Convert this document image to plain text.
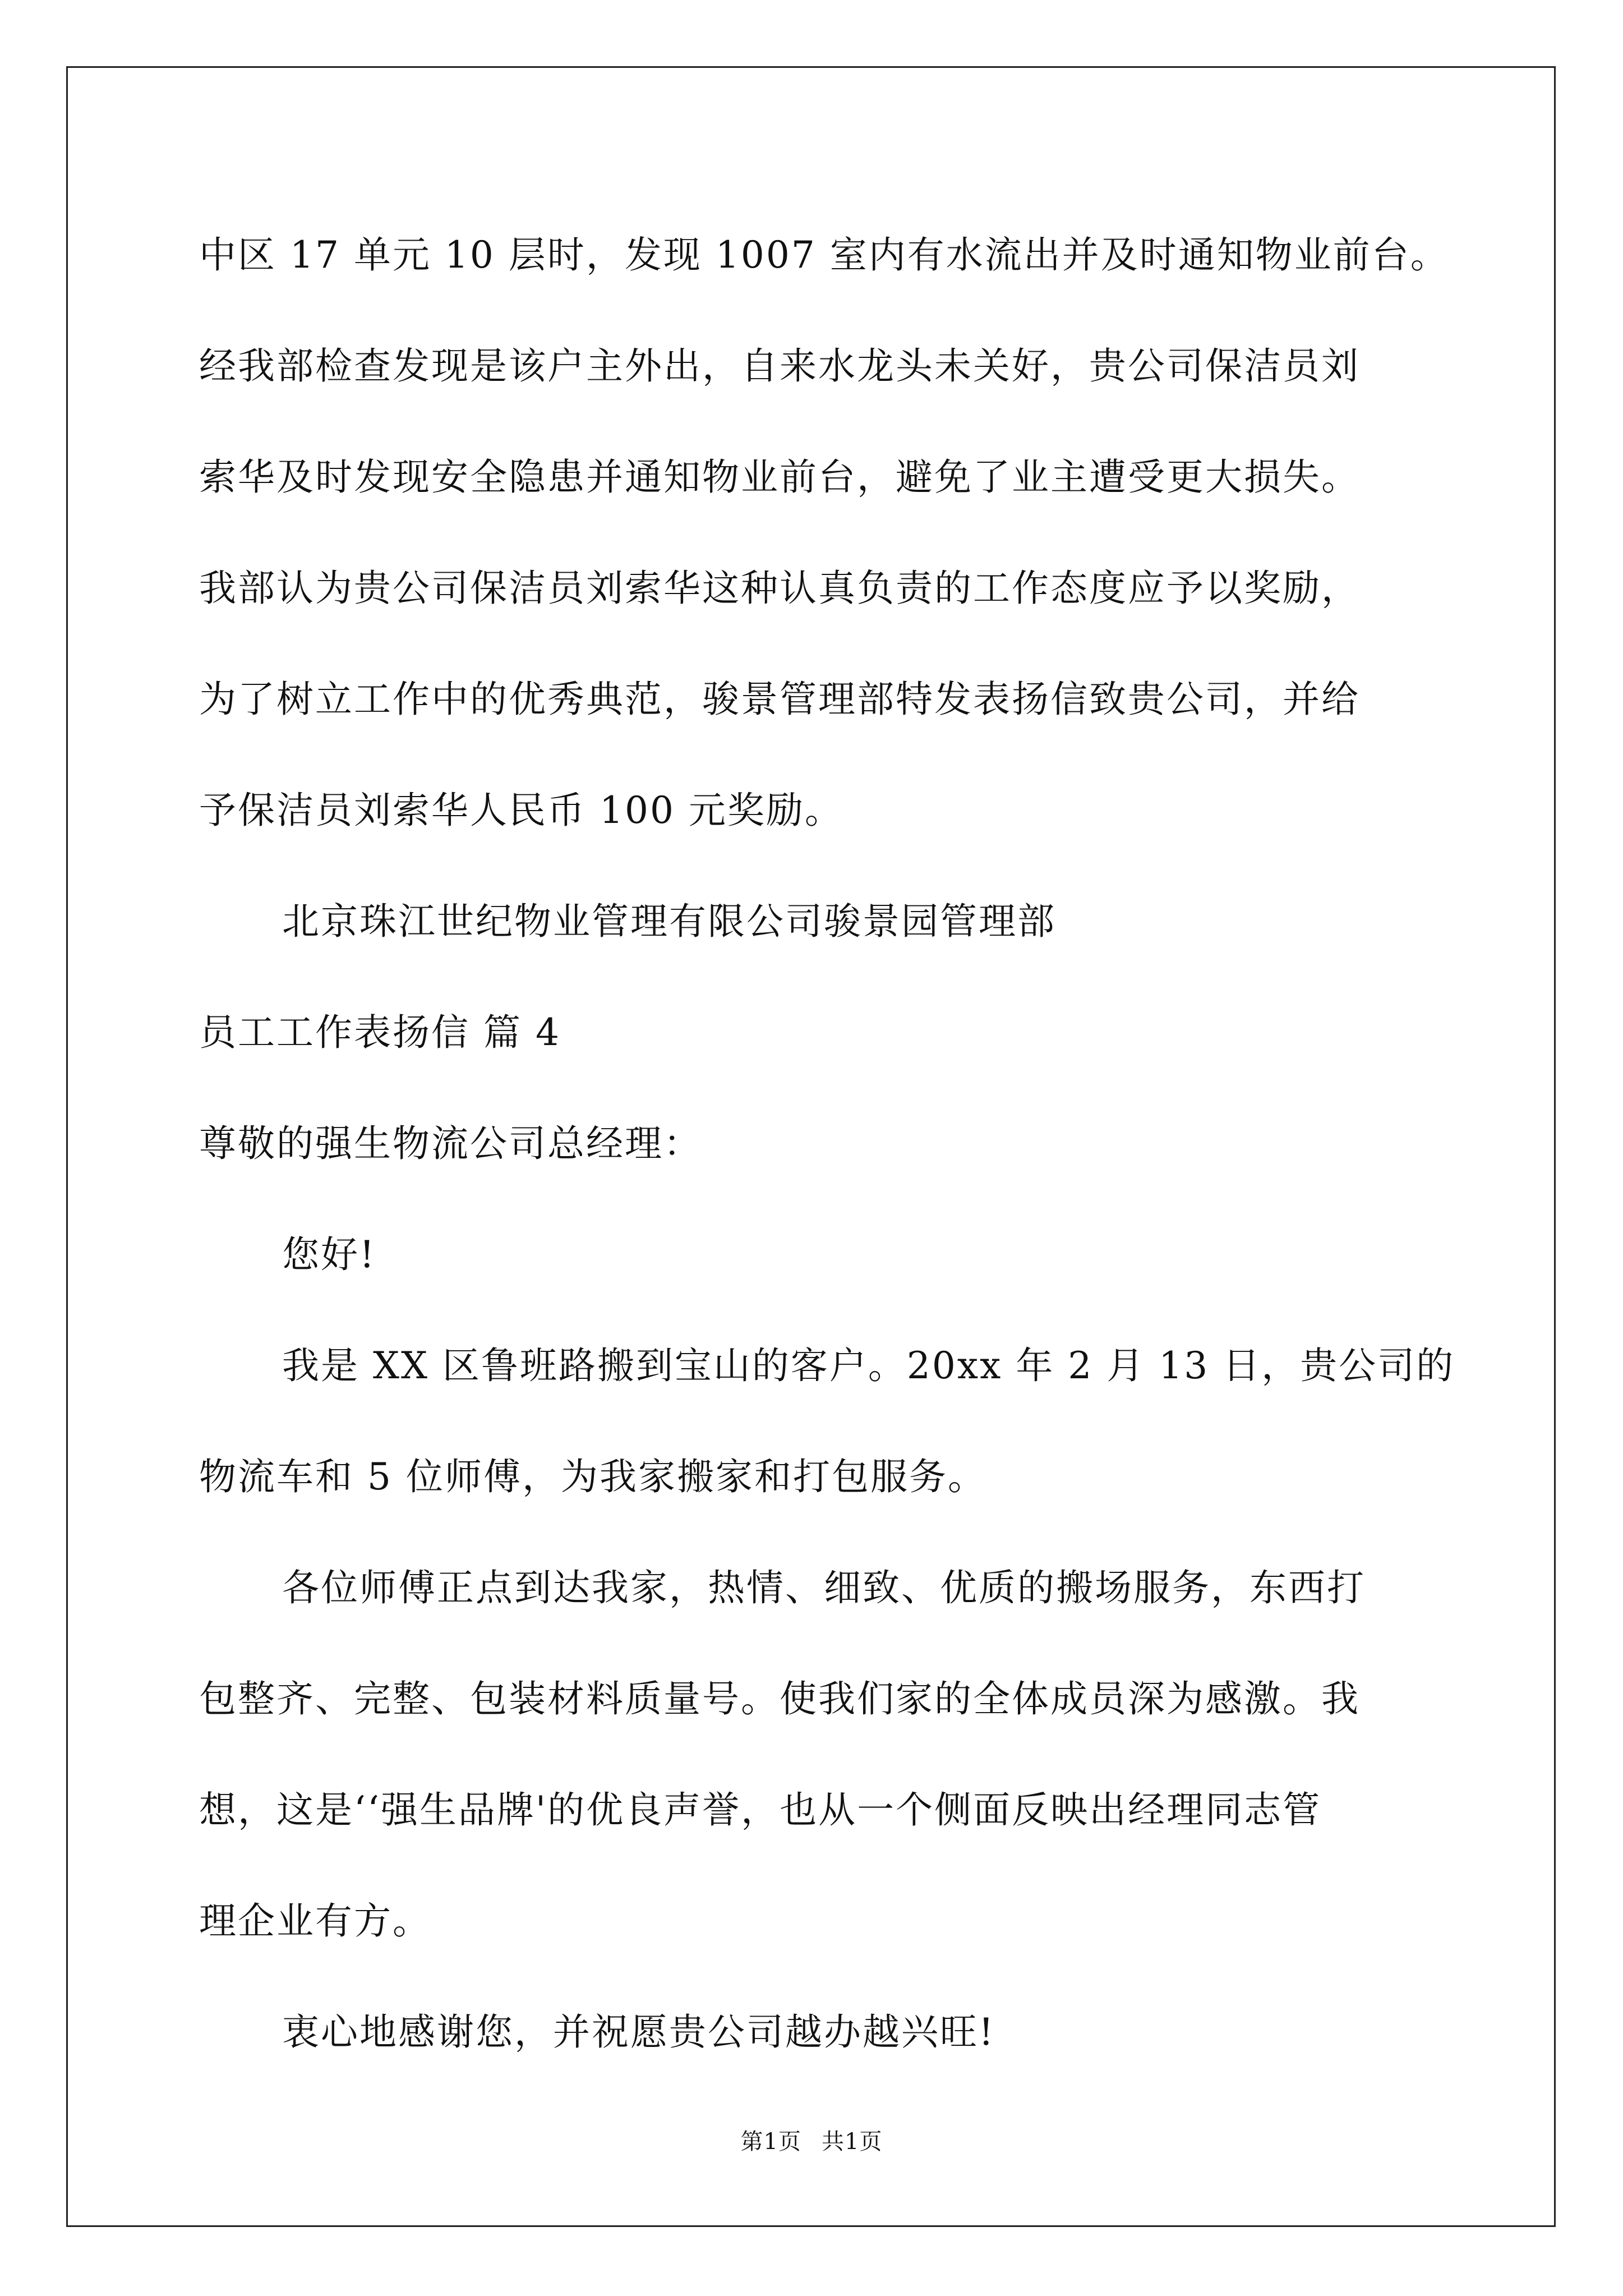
中区 17 单元 10 层时，发现 1007 室内有水流出并及时通知物业前台。
经我部检查发现是该户主外出，自来水龙头未关好，贵公司保洁员刘
索华及时发现安全隐患并通知物业前台，避免了业主遭受更大损失。
我部认为贵公司保洁员刘索华这种认真负责的工作态度应予以奖励，
为了树立工作中的优秀典范，骏景管理部特发表扬信致贵公司，并给
予保洁员刘索华人民币 100 元奖励。
北京珠江世纪物业管理有限公司骏景园管理部
员工工作表扬信 篇 4
尊敬的强生物流公司总经理：
您好!
我是 XX 区鲁班路搬到宝山的客户。20xx 年 2 月 13 日，贵公司的
物流车和 5 位师傅，为我家搬家和打包服务。
各位师傅正点到达我家，热情、细致、优质的搬场服务，东西打
包整齐、完整、包装材料质量号。使我们家的全体成员深为感激。我
想，这是‘‘强生品牌'的优良声誉，也从一个侧面反映出经理同志管
理企业有方。
衷心地感谢您，并祝愿贵公司越办越兴旺!
第1页 共1页
